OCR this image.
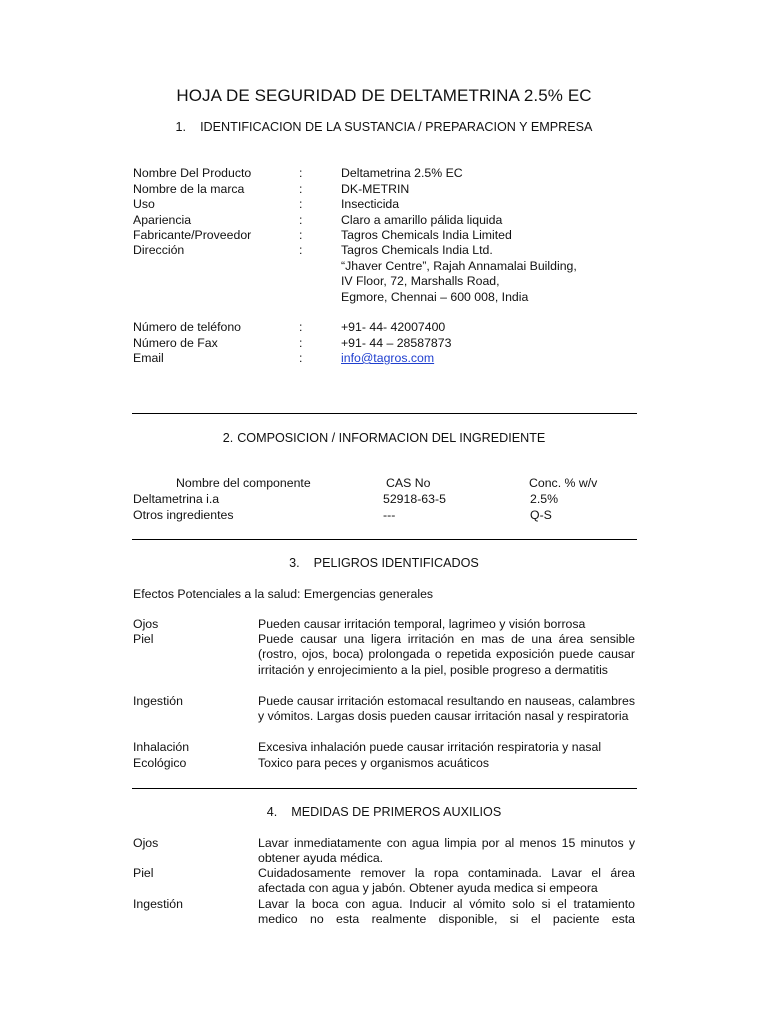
HOJA DE SEGURIDAD DE DELTAMETRINA 2.5% EC
1. IDENTIFICACION DE LA SUSTANCIA / PREPARACION Y EMPRESA
Nombre Del Producto	:	Deltametrina 2.5% EC
Nombre de la marca	:	DK-METRIN
Uso	:	Insecticida
Apariencia	:	Claro a amarillo pálida liquida
Fabricante/Proveedor	:	Tagros Chemicals India Limited
Dirección	:	Tagros Chemicals India Ltd.
“Jhaver Centre”, Rajah Annamalai Building,
IV Floor, 72, Marshalls Road,
Egmore, Chennai – 600 008, India
Número de teléfono	:	+91- 44- 42007400
Número de Fax	:	+91- 44 – 28587873
Email	:	info@tagros.com
2. COMPOSICION / INFORMACION DEL INGREDIENTE
Nombre del componente	CAS No	Conc. % w/v
Deltametrina i.a	52918-63-5	2.5%
Otros ingredientes	---	Q-S
3. PELIGROS IDENTIFICADOS
Efectos Potenciales a la salud: Emergencias generales
Ojos	Pueden causar irritación temporal, lagrimeo y visión borrosa
Piel	Puede causar una ligera irritación en mas de una área sensible (rostro, ojos, boca) prolongada o repetida exposición puede causar irritación y enrojecimiento a la piel, posible progreso a dermatitis
Ingestión	Puede causar irritación estomacal resultando en nauseas, calambres y vómitos. Largas dosis pueden causar irritación nasal y respiratoria
Inhalación	Excesiva inhalación puede causar irritación respiratoria y nasal
Ecológico	Toxico para peces y organismos acuáticos
4. MEDIDAS DE PRIMEROS AUXILIOS
Ojos	Lavar inmediatamente con agua limpia por al menos 15 minutos y obtener ayuda médica.
Piel	Cuidadosamente remover la ropa contaminada. Lavar el área afectada con agua y jabón. Obtener ayuda medica si empeora
Ingestión	Lavar la boca con agua. Inducir al vómito solo si el tratamiento medico no esta realmente disponible, si el paciente esta
